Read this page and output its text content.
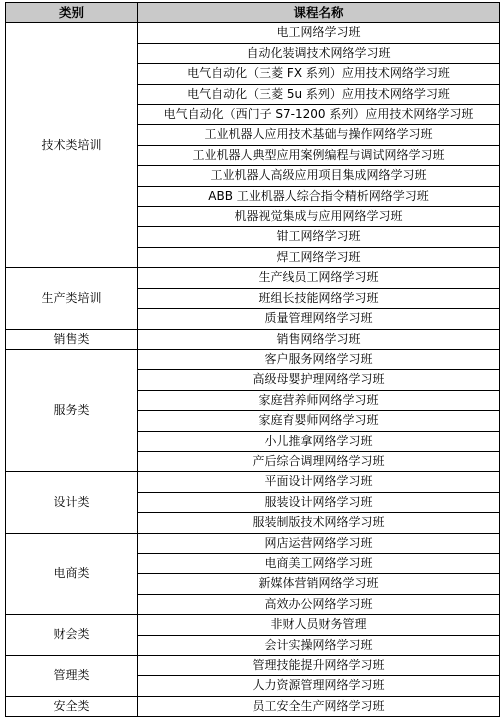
类别	课程名称
技术类培训	电工网络学习班
	自动化装调技术网络学习班
	电气自动化（三菱 FX 系列）应用技术网络学习班
	电气自动化（三菱 5u 系列）应用技术网络学习班
	电气自动化（西门子 S7-1200 系列）应用技术网络学习班
	工业机器人应用技术基础与操作网络学习班
	工业机器人典型应用案例编程与调试网络学习班
	工业机器人高级应用项目集成网络学习班
	ABB 工业机器人综合指令精析网络学习班
	机器视觉集成与应用网络学习班
	钳工网络学习班
	焊工网络学习班
生产类培训	生产线员工网络学习班
	班组长技能网络学习班
	质量管理网络学习班
销售类	销售网络学习班
服务类	客户服务网络学习班
	高级母婴护理网络学习班
	家庭营养师网络学习班
	家庭育婴师网络学习班
	小儿推拿网络学习班
	产后综合调理网络学习班
设计类	平面设计网络学习班
	服装设计网络学习班
	服装制版技术网络学习班
电商类	网店运营网络学习班
	电商美工网络学习班
	新媒体营销网络学习班
	高效办公网络学习班
财会类	非财人员财务管理
	会计实操网络学习班
管理类	管理技能提升网络学习班
	人力资源管理网络学习班
安全类	员工安全生产网络学习班
